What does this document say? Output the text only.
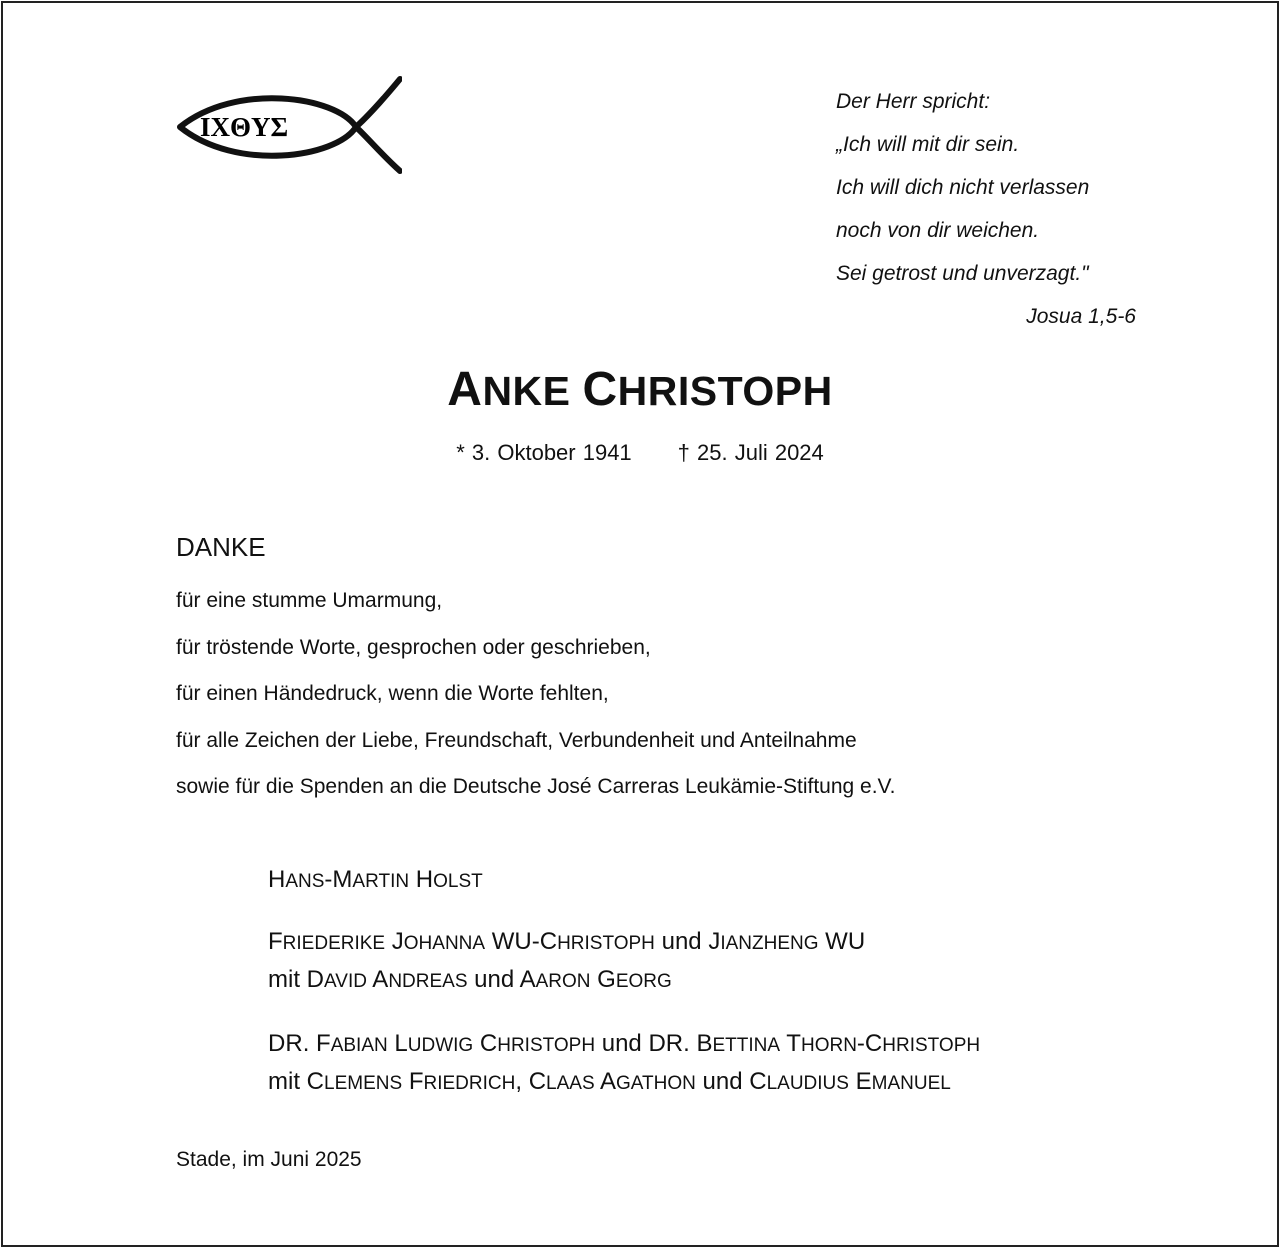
IXΘYΣ
Der Herr spricht:
„Ich will mit dir sein.
Ich will dich nicht verlassen
noch von dir weichen.
Sei getrost und unverzagt."
Josua 1,5-6
ANKE CHRISTOPH
* 3. Oktober 1941 † 25. Juli 2024
DANKE
für eine stumme Umarmung,
für tröstende Worte, gesprochen oder geschrieben,
für einen Händedruck, wenn die Worte fehlten,
für alle Zeichen der Liebe, Freundschaft, Verbundenheit und Anteilnahme
sowie für die Spenden an die Deutsche José Carreras Leukämie-Stiftung e.V.
HANS-MARTIN HOLST
FRIEDERIKE JOHANNA WU-CHRISTOPH und JIANZHENG WU
mit DAVID ANDREAS und AARON GEORG
DR. FABIAN LUDWIG CHRISTOPH und DR. BETTINA THORN-CHRISTOPH
mit CLEMENS FRIEDRICH, CLAAS AGATHON und CLAUDIUS EMANUEL
Stade, im Juni 2025
